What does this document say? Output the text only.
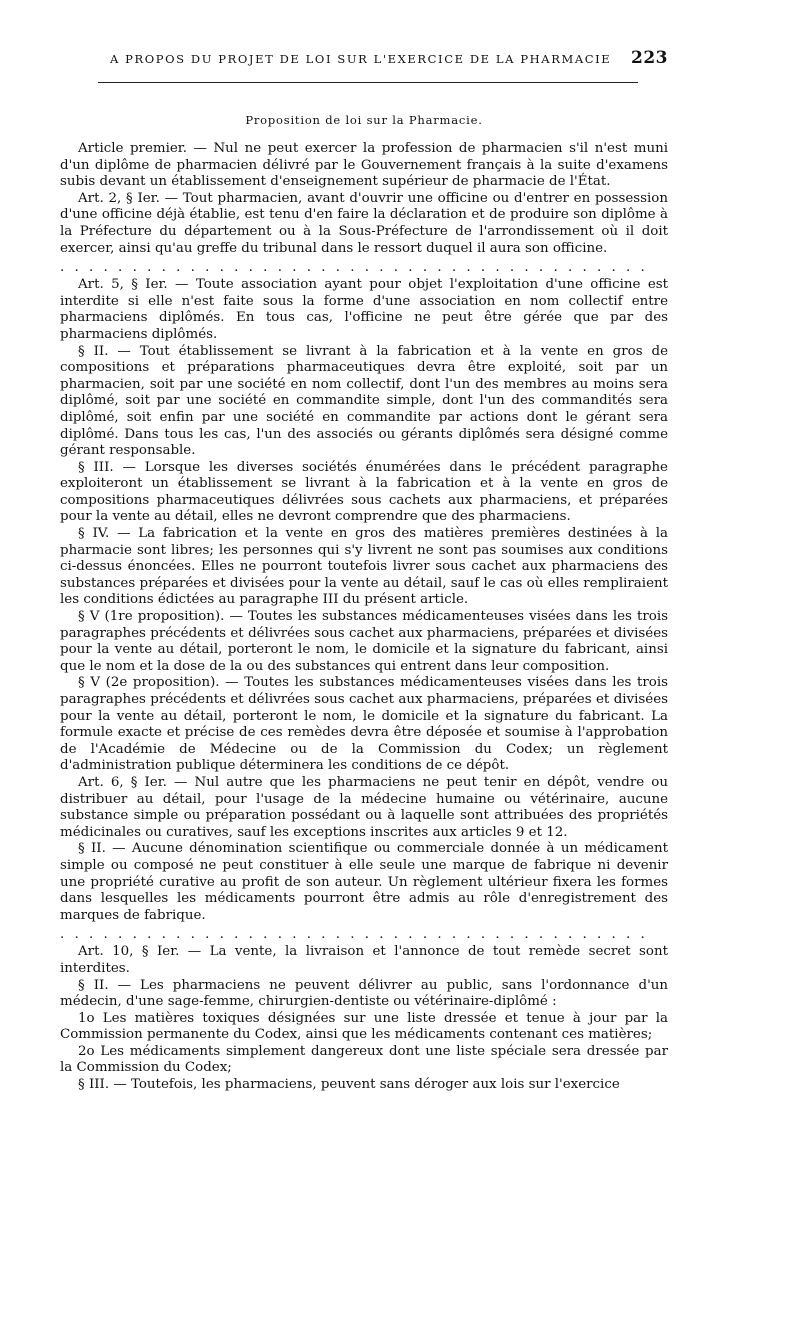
A PROPOS DU PROJET DE LOI SUR L'EXERCICE DE LA PHARMACIE 223
Proposition de loi sur la Pharmacie.

Article premier. — Nul ne peut exercer la profession de pharmacien s'il n'est muni d'un diplôme de pharmacien délivré par le Gouvernement français à la suite d'examens subis devant un établissement d'enseignement supérieur de pharmacie de l'État.

Art. 2, § Ier. — Tout pharmacien, avant d'ouvrir une officine ou d'entrer en possession d'une officine déjà établie, est tenu d'en faire la déclaration et de produire son diplôme à la Préfecture du département ou à la Sous-Préfecture de l'arrondissement où il doit exercer, ainsi qu'au greffe du tribunal dans le ressort duquel il aura son officine.

. . . . . . . . . . . . . . . . . . . . . . . . . . . . . . . . . . . . . . . . .

Art. 5, § Ier. — Toute association ayant pour objet l'exploitation d'une officine est interdite si elle n'est faite sous la forme d'une association en nom collectif entre pharmaciens diplômés. En tous cas, l'officine ne peut être gérée que par des pharmaciens diplômés.

§ II. — Tout établissement se livrant à la fabrication et à la vente en gros de compositions et préparations pharmaceutiques devra être exploité, soit par un pharmacien, soit par une société en nom collectif, dont l'un des membres au moins sera diplômé, soit par une société en commandite simple, dont l'un des commandités sera diplômé, soit enfin par une société en commandite par actions dont le gérant sera diplômé. Dans tous les cas, l'un des associés ou gérants diplômés sera désigné comme gérant responsable.

§ III. — Lorsque les diverses sociétés énumérées dans le précédent paragraphe exploiteront un établissement se livrant à la fabrication et à la vente en gros de compositions pharmaceutiques délivrées sous cachets aux pharmaciens, et préparées pour la vente au détail, elles ne devront comprendre que des pharmaciens.

§ IV. — La fabrication et la vente en gros des matières premières destinées à la pharmacie sont libres; les personnes qui s'y livrent ne sont pas soumises aux conditions ci-dessus énoncées. Elles ne pourront toutefois livrer sous cachet aux pharmaciens des substances préparées et divisées pour la vente au détail, sauf le cas où elles rempliraient les conditions édictées au paragraphe III du présent article.

§ V (1re proposition). — Toutes les substances médicamenteuses visées dans les trois paragraphes précédents et délivrées sous cachet aux pharmaciens, préparées et divisées pour la vente au détail, porteront le nom, le domicile et la signature du fabricant, ainsi que le nom et la dose de la ou des substances qui entrent dans leur composition.

§ V (2e proposition). — Toutes les substances médicamenteuses visées dans les trois paragraphes précédents et délivrées sous cachet aux pharmaciens, préparées et divisées pour la vente au détail, porteront le nom, le domicile et la signature du fabricant. La formule exacte et précise de ces remèdes devra être déposée et soumise à l'approbation de l'Académie de Médecine ou de la Commission du Codex; un règlement d'administration publique déterminera les conditions de ce dépôt.

Art. 6, § Ier. — Nul autre que les pharmaciens ne peut tenir en dépôt, vendre ou distribuer au détail, pour l'usage de la médecine humaine ou vétérinaire, aucune substance simple ou préparation possédant ou à laquelle sont attribuées des propriétés médicinales ou curatives, sauf les exceptions inscrites aux articles 9 et 12.

§ II. — Aucune dénomination scientifique ou commerciale donnée à un médicament simple ou composé ne peut constituer à elle seule une marque de fabrique ni devenir une propriété curative au profit de son auteur. Un règlement ultérieur fixera les formes dans lesquelles les médicaments pourront être admis au rôle d'enregistrement des marques de fabrique.

. . . . . . . . . . . . . . . . . . . . . . . . . . . . . . . . . . . . . . . . .

Art. 10, § Ier. — La vente, la livraison et l'annonce de tout remède secret sont interdites.

§ II. — Les pharmaciens ne peuvent délivrer au public, sans l'ordonnance d'un médecin, d'une sage-femme, chirurgien-dentiste ou vétérinaire-diplômé :

1o Les matières toxiques désignées sur une liste dressée et tenue à jour par la Commission permanente du Codex, ainsi que les médicaments contenant ces matières;

2o Les médicaments simplement dangereux dont une liste spéciale sera dressée par la Commission du Codex;

§ III. — Toutefois, les pharmaciens, peuvent sans déroger aux lois sur l'exercice
